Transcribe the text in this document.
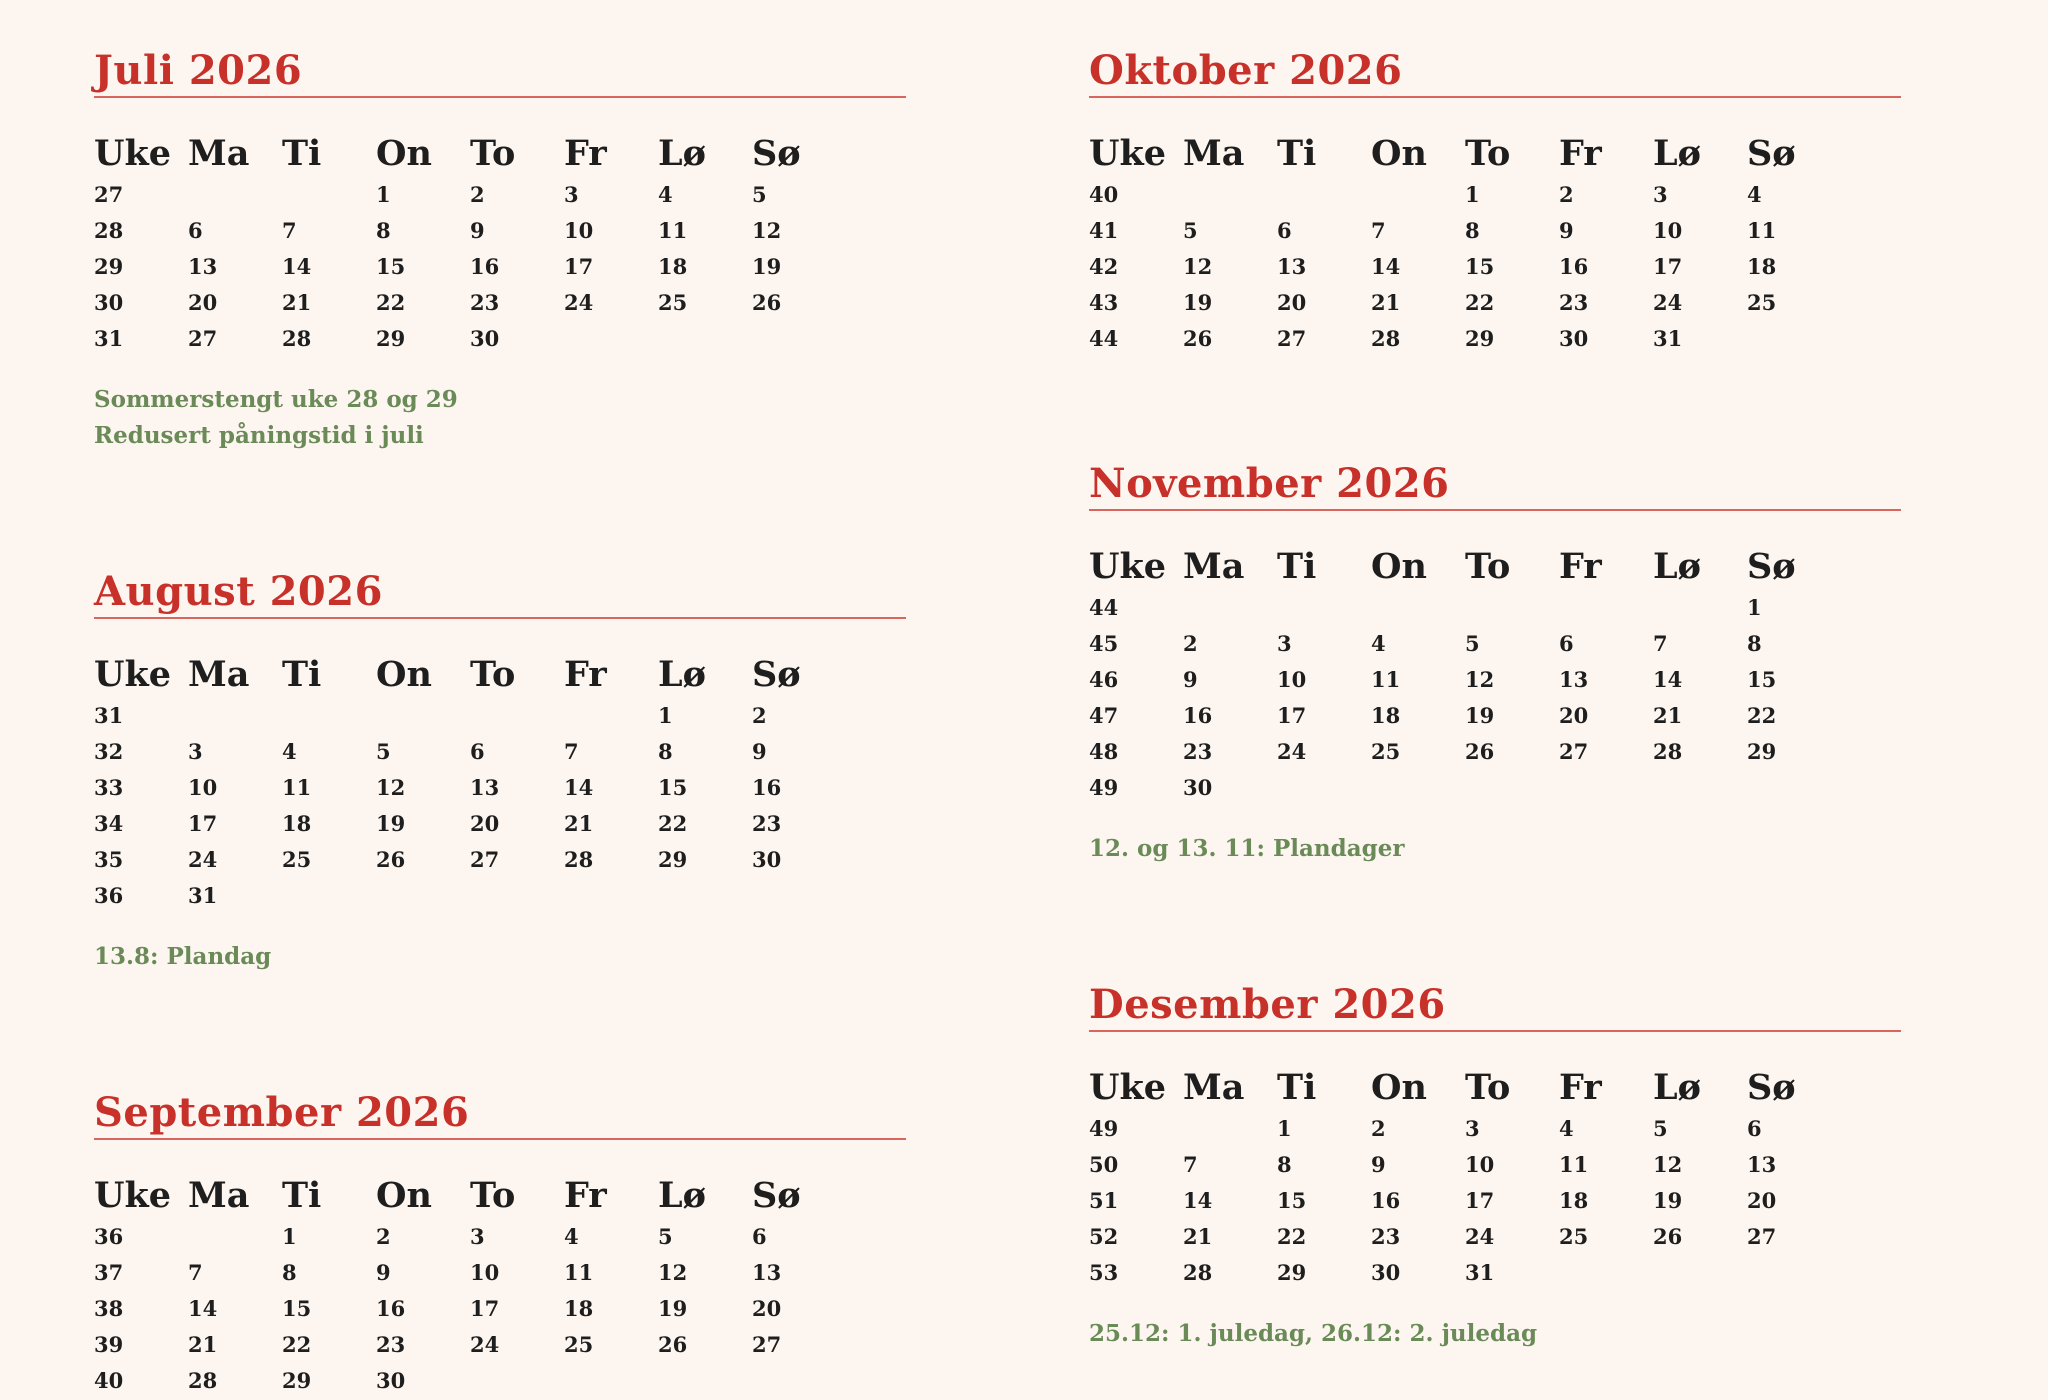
Juli 2026
Uke	Ma	Ti	On	To	Fr	Lø	Sø
27			1	2	3	4	5
28	6	7	8	9	10	11	12
29	13	14	15	16	17	18	19
30	20	21	22	23	24	25	26
31	27	28	29	30			
Sommerstengt uke 28 og 29
Redusert påningstid i juli
August 2026
Uke	Ma	Ti	On	To	Fr	Lø	Sø
31						1	2
32	3	4	5	6	7	8	9
33	10	11	12	13	14	15	16
34	17	18	19	20	21	22	23
35	24	25	26	27	28	29	30
36	31						
13.8: Plandag
September 2026
Uke	Ma	Ti	On	To	Fr	Lø	Sø
36		1	2	3	4	5	6
37	7	8	9	10	11	12	13
38	14	15	16	17	18	19	20
39	21	22	23	24	25	26	27
40	28	29	30				
Oktober 2026
Uke	Ma	Ti	On	To	Fr	Lø	Sø
40				1	2	3	4
41	5	6	7	8	9	10	11
42	12	13	14	15	16	17	18
43	19	20	21	22	23	24	25
44	26	27	28	29	30	31	
November 2026
Uke	Ma	Ti	On	To	Fr	Lø	Sø
44							1
45	2	3	4	5	6	7	8
46	9	10	11	12	13	14	15
47	16	17	18	19	20	21	22
48	23	24	25	26	27	28	29
49	30						
12. og 13. 11: Plandager
Desember 2026
Uke	Ma	Ti	On	To	Fr	Lø	Sø
49		1	2	3	4	5	6
50	7	8	9	10	11	12	13
51	14	15	16	17	18	19	20
52	21	22	23	24	25	26	27
53	28	29	30	31			
25.12: 1. juledag, 26.12: 2. juledag
